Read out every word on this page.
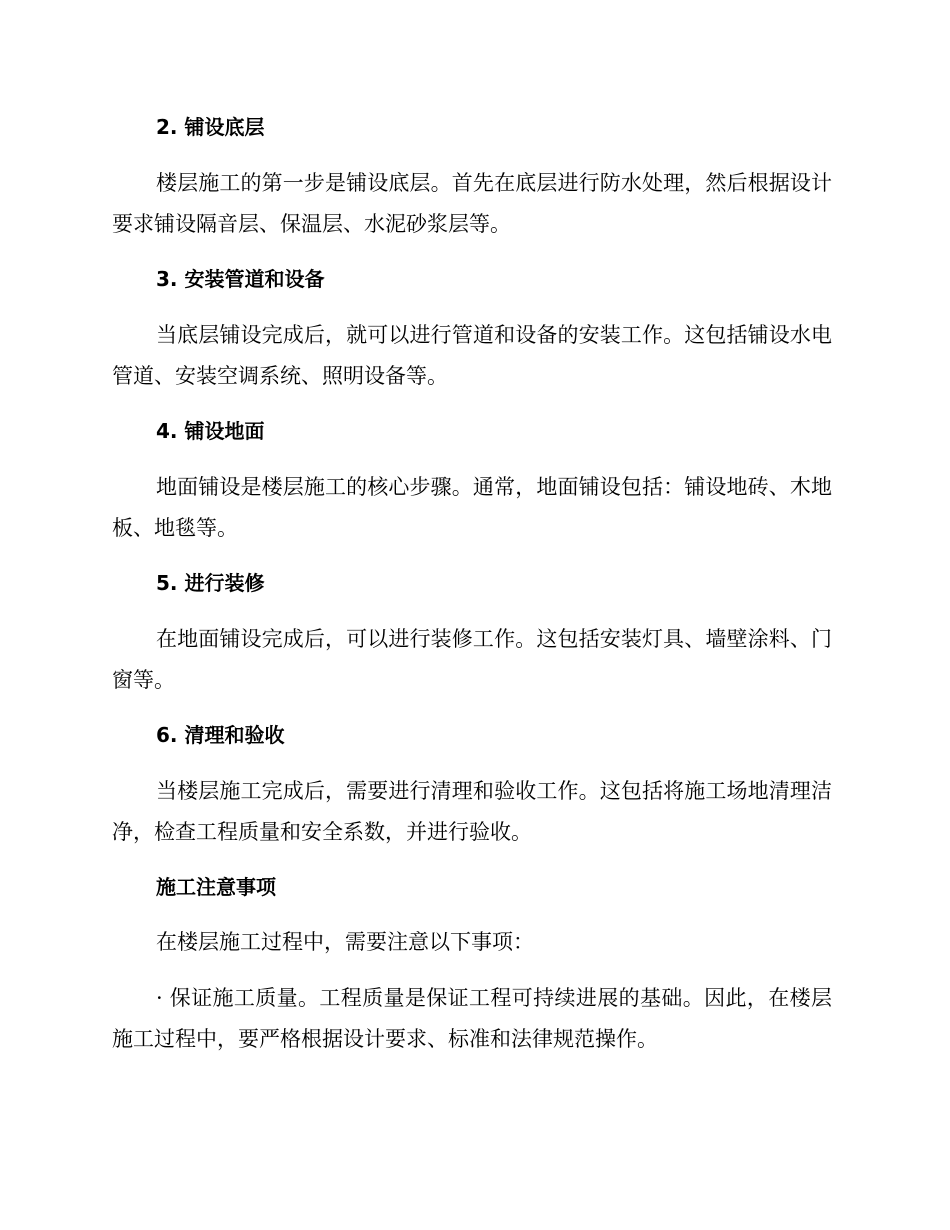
2. 铺设底层

楼层施工的第一步是铺设底层。首先在底层进行防水处理，然后根据设计要求铺设隔音层、保温层、水泥砂浆层等。

3. 安装管道和设备

当底层铺设完成后，就可以进行管道和设备的安装工作。这包括铺设水电管道、安装空调系统、照明设备等。

4. 铺设地面

地面铺设是楼层施工的核心步骤。通常，地面铺设包括：铺设地砖、木地板、地毯等。

5. 进行装修

在地面铺设完成后，可以进行装修工作。这包括安装灯具、墙壁涂料、门窗等。

6. 清理和验收

当楼层施工完成后，需要进行清理和验收工作。这包括将施工场地清理洁净，检查工程质量和安全系数，并进行验收。

施工注意事项

在楼层施工过程中，需要注意以下事项：

· 保证施工质量。工程质量是保证工程可持续进展的基础。因此，在楼层施工过程中，要严格根据设计要求、标准和法律规范操作。
